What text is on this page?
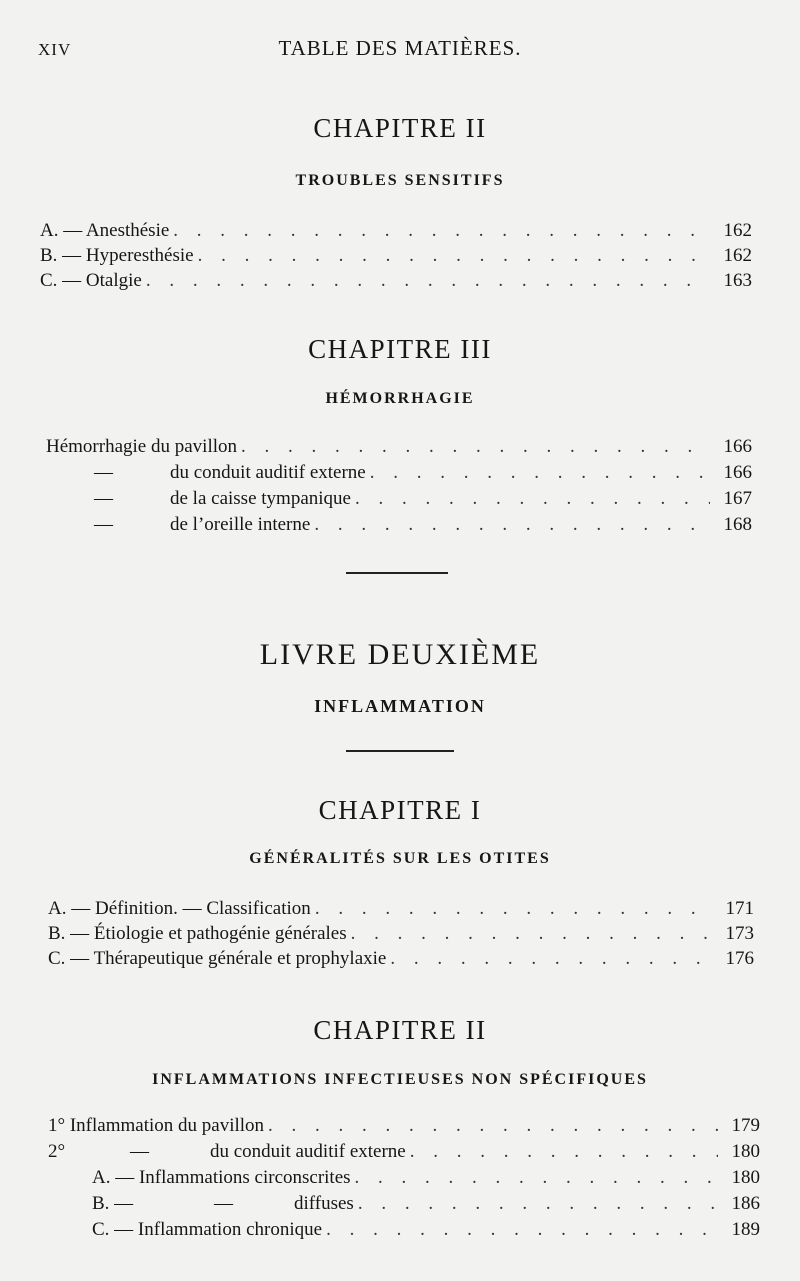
XIV	TABLE DES MATIÈRES.
CHAPITRE II
TROUBLES SENSITIFS
A. — Anesthésie . . .	162
B. — Hyperesthésie . . .	162
C. — Otalgie . . .	163
CHAPITRE III
HÉMORRHAGIE
Hémorrhagie du pavillon . . .	166
—	du conduit auditif externe . . .	166
—	de la caisse tympanique . . .	167
—	de l’oreille interne . . .	168
LIVRE DEUXIÈME
INFLAMMATION
CHAPITRE I
GÉNÉRALITÉS SUR LES OTITES
A. — Définition. — Classification . . .	171
B. — Étiologie et pathogénie générales . . .	173
C. — Thérapeutique générale et prophylaxie . . .	176
CHAPITRE II
INFLAMMATIONS INFECTIEUSES NON SPÉCIFIQUES
1° Inflammation du pavillon . . .	179
2°	—	du conduit auditif externe . . .	180
A. — Inflammations circonscrites . . .	180
B. —	—	diffuses . . .	186
C. — Inflammation chronique . . .	189
